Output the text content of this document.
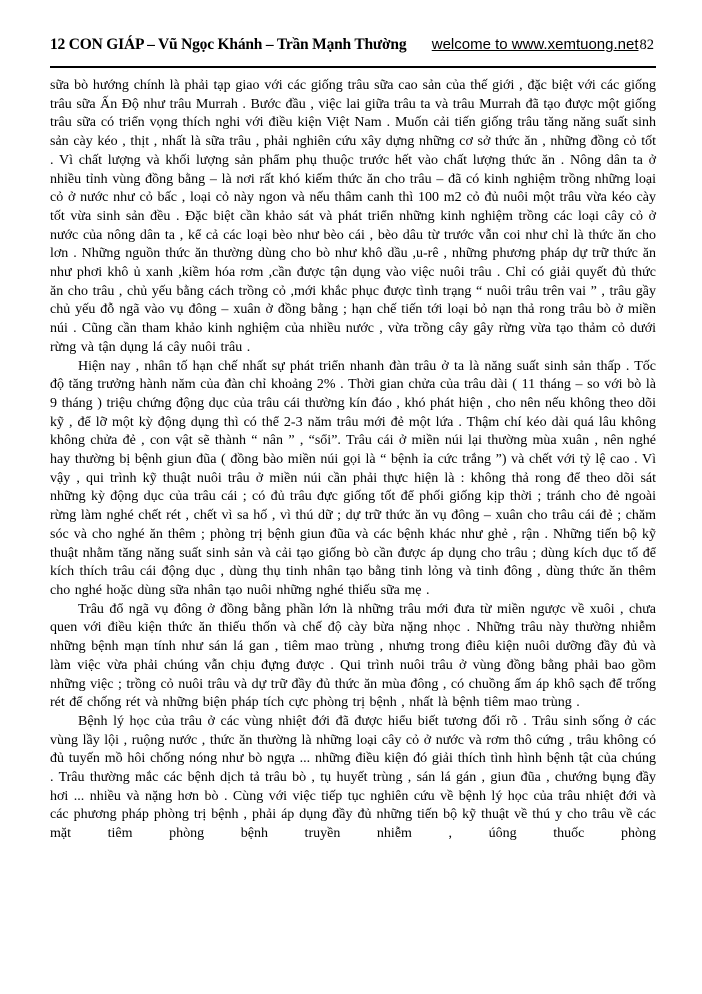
12 CON GIÁP – Vũ Ngọc Khánh – Trần Mạnh Thường welcome to www.xemtuong.net 82

sữa bò hướng chính là phải tạp giao với các giống trâu sữa cao sản của thế giới , đặc biệt với các giống trâu sữa Ấn Độ như trâu Murrah . Bước đầu , việc lai giữa trâu ta và trâu Murrah đã tạo được một giống trâu sữa có triển vọng thích nghi với điều kiện Việt Nam . Muốn cải tiến giống trâu tăng năng suất sinh sản cày kéo , thịt , nhất là sữa trâu , phải nghiên cứu xây dựng những cơ sở thức ăn , những đồng cỏ tốt . Vì chất lượng và khối lượng sản phẩm phụ thuộc trước hết vào chất lượng thức ăn . Nông dân ta ở nhiều tỉnh vùng đồng bằng – là nơi rất khó kiếm thức ăn cho trâu – đã có kinh nghiệm trồng những loại cỏ ở nước như cỏ bấc , loại cỏ này ngon và nếu thâm canh thì 100 m2 cỏ đủ nuôi một trâu vừa kéo cày tốt vừa sinh sản đều . Đặc biệt cần khảo sát và phát triển những kinh nghiệm trồng các loại cây cỏ ở nước của nông dân ta , kể cả các loại bèo như bèo cái , bèo dâu từ trước vẫn coi như chỉ là thức ăn cho lơn . Những nguồn thức ăn thường dùng cho bò như khô dầu ,u-rê , những phương pháp dự trữ thức ăn như phơi khô ủ xanh ,kiềm hóa rơm ,cần được tận dụng vào việc nuôi trâu . Chỉ có giải quyết đủ thức ăn cho trâu , chủ yếu bằng cách trồng cỏ ,mới khắc phục được tình trạng “ nuôi trâu trên vai ” , trâu gầy chủ yếu đỗ ngã vào vụ đông – xuân ở đồng bằng ; hạn chế tiến tới loại bỏ nạn thả rong trâu bò ở miền núi . Cũng cần tham khảo kinh nghiệm của nhiều nước , vừa trồng cây gây rừng vừa tạo thảm cỏ dưới rừng và tận dụng lá cây nuôi trâu .

Hiện nay , nhân tố hạn chế nhất sự phát triển nhanh đàn trâu ở ta là năng suất sinh sản thấp . Tốc độ tăng trưởng hành năm của đàn chỉ khoảng 2% . Thời gian chửa của trâu dài ( 11 tháng – so với bò là 9 tháng ) triệu chứng động dục của trâu cái thường kín đáo , khó phát hiện , cho nên nếu không theo dõi kỹ , để lỡ một kỳ động dụng thì có thể 2-3 năm trâu mới đẻ một lứa . Thậm chí kéo dài quá lâu không không chửa đẻ , con vật sẽ thành “ nân ” , “sổi”. Trâu cái ở miền núi lại thường mùa xuân , nên nghé hay thường bị bệnh giun đũa ( đồng bào miền núi gọi là “ bệnh ỉa cức trắng ”) và chết với tỷ lệ cao . Vì vậy , qui trình kỹ thuật nuôi trâu ở miền núi cần phải thực hiện là : không thả rong để theo dõi sát những kỳ động dục của trâu cái ; có đủ trâu đực giống tốt để phối giống kịp thời ; tránh cho đẻ ngoài rừng làm nghé chết rét , chết vì sa hố , vì thú dữ ; dự trữ thức ăn vụ đông – xuân cho trâu cái đẻ ; chăm sóc và cho nghé ăn thêm ; phòng trị bệnh giun đũa và các bệnh khác như ghẻ , rận . Những tiến bộ kỹ thuật nhằm tăng năng suất sinh sản và cải tạo giống bò cần được áp dụng cho trâu ; dùng kích dục tố để kích thích trâu cái động dục , dùng thụ tinh nhân tạo bằng tinh lỏng và tinh đông , dùng thức ăn thêm cho nghé hoặc dùng sữa nhân tạo nuôi những nghé thiếu sữa mẹ .

Trâu đổ ngã vụ đông ở đồng bằng phần lớn là những trâu mới đưa từ miền ngược về xuôi , chưa quen với điều kiện thức ăn thiếu thốn và chế độ cày bừa nặng nhọc . Những trâu này thường nhiễm những bệnh mạn tính như sán lá gan , tiêm mao trùng , nhưng trong điêu kiện nuôi dưỡng đầy đủ và làm việc vừa phải chúng vẫn chịu đựng được . Qui trình nuôi trâu ở vùng đồng bằng phải bao gồm những việc ; trồng cỏ nuôi trâu và dự trữ đầy đủ thức ăn mùa đông , có chuồng ấm áp khô sạch để trống rét để chống rét và những biện pháp tích cực phòng trị bệnh , nhất là bệnh tiêm mao trùng .

Bệnh lý học của trâu ở các vùng nhiệt đới đã được hiểu biết tương đối rõ . Trâu sinh sống ở các vùng lầy lội , ruộng nước , thức ăn thường là những loại cây cỏ ở nước và rơm thô cứng , trâu không có đủ tuyến mồ hôi chống nóng như bò ngựa ... những điều kiện đó giải thích tình hình bệnh tật của chúng . Trâu thường mắc các bệnh dịch tả trâu bò , tụ huyết trùng , sán lá gán , giun đũa , chướng bụng đầy hơi ... nhiều và nặng hơn bò . Cùng với việc tiếp tục nghiên cứu về bệnh lý học của trâu nhiệt đới và các phương pháp phòng trị bệnh , phải áp dụng đầy đủ những tiến bộ kỹ thuật về thú y cho trâu về các mặt tiêm phòng bệnh truyền nhiễm , úông thuốc phòng
